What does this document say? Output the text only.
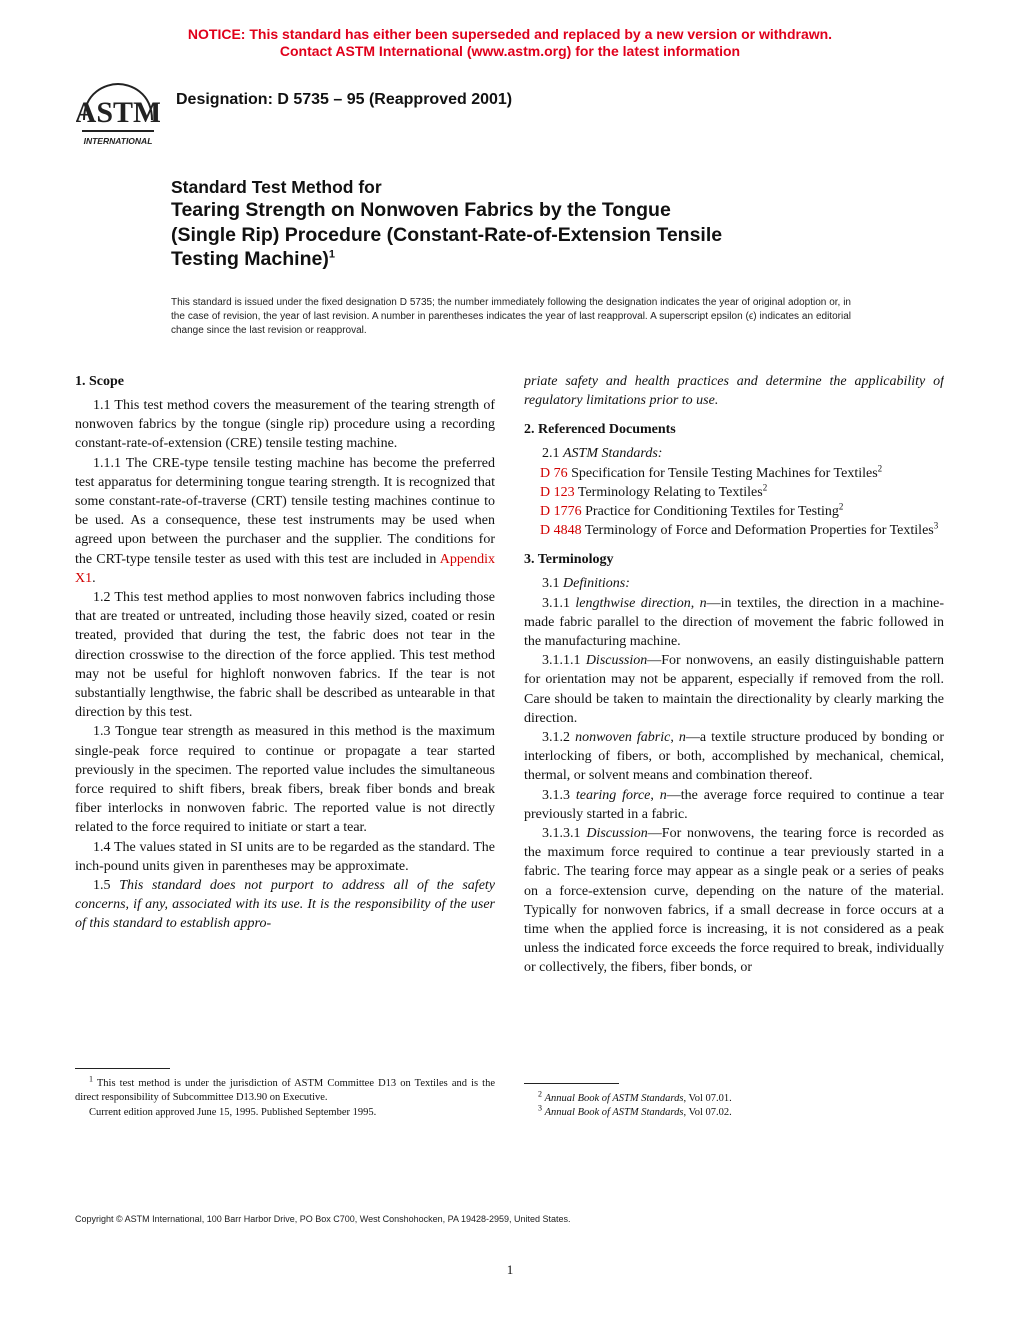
NOTICE: This standard has either been superseded and replaced by a new version or withdrawn.
Contact ASTM International (www.astm.org) for the latest information
ASTM
INTERNATIONAL
Designation: D 5735 – 95 (Reapproved 2001)
Standard Test Method for
Tearing Strength on Nonwoven Fabrics by the Tongue
(Single Rip) Procedure (Constant-Rate-of-Extension Tensile
Testing Machine)$^1$
This standard is issued under the fixed designation D 5735; the number immediately following the designation indicates the year of original adoption or, in the case of revision, the year of last revision. A number in parentheses indicates the year of last reapproval. A superscript epsilon (ϵ) indicates an editorial change since the last revision or reapproval.
1. Scope

1.1 This test method covers the measurement of the tearing strength of nonwoven fabrics by the tongue (single rip) procedure using a recording constant-rate-of-extension (CRE) tensile testing machine.

1.1.1 The CRE-type tensile testing machine has become the preferred test apparatus for determining tongue tearing strength. It is recognized that some constant-rate-of-traverse (CRT) tensile testing machines continue to be used. As a consequence, these test instruments may be used when agreed upon between the purchaser and the supplier. The conditions for the CRT-type tensile tester as used with this test are included in Appendix X1.

1.2 This test method applies to most nonwoven fabrics including those that are treated or untreated, including those heavily sized, coated or resin treated, provided that during the test, the fabric does not tear in the direction crosswise to the direction of the force applied. This test method may not be useful for highloft nonwoven fabrics. If the tear is not substantially lengthwise, the fabric shall be described as untearable in that direction by this test.

1.3 Tongue tear strength as measured in this method is the maximum single-peak force required to continue or propagate a tear started previously in the specimen. The reported value includes the simultaneous force required to shift fibers, break fibers, break fiber bonds and break fiber interlocks in nonwoven fabric. The reported value is not directly related to the force required to initiate or start a tear.

1.4 The values stated in SI units are to be regarded as the standard. The inch-pound units given in parentheses may be approximate.

1.5 This standard does not purport to address all of the safety concerns, if any, associated with its use. It is the responsibility of the user of this standard to establish appro-

priate safety and health practices and determine the applicability of regulatory limitations prior to use.

2. Referenced Documents

2.1 ASTM Standards:

D 76 Specification for Tensile Testing Machines for Textiles$^2$

D 123 Terminology Relating to Textiles$^2$

D 1776 Practice for Conditioning Textiles for Testing$^2$

D 4848 Terminology of Force and Deformation Properties for Textiles$^3$

3. Terminology

3.1 Definitions:

3.1.1 lengthwise direction, n—in textiles, the direction in a machine-made fabric parallel to the direction of movement the fabric followed in the manufacturing machine.

3.1.1.1 Discussion—For nonwovens, an easily distinguishable pattern for orientation may not be apparent, especially if removed from the roll. Care should be taken to maintain the directionality by clearly marking the direction.

3.1.2 nonwoven fabric, n—a textile structure produced by bonding or interlocking of fibers, or both, accomplished by mechanical, chemical, thermal, or solvent means and combination thereof.

3.1.3 tearing force, n—the average force required to continue a tear previously started in a fabric.

3.1.3.1 Discussion—For nonwovens, the tearing force is recorded as the maximum force required to continue a tear previously started in a fabric. The tearing force may appear as a single peak or a series of peaks on a force-extension curve, depending on the nature of the material. Typically for nonwoven fabrics, if a small decrease in force occurs at a time when the applied force is increasing, it is not considered as a peak unless the indicated force exceeds the force required to break, individually or collectively, the fibers, fiber bonds, or

$^1$ This test method is under the jurisdiction of ASTM Committee D13 on Textiles and is the direct responsibility of Subcommittee D13.90 on Executive.

Current edition approved June 15, 1995. Published September 1995.

$^2$ Annual Book of ASTM Standards, Vol 07.01.

$^3$ Annual Book of ASTM Standards, Vol 07.02.

Copyright © ASTM International, 100 Barr Harbor Drive, PO Box C700, West Conshohocken, PA 19428-2959, United States.
1
